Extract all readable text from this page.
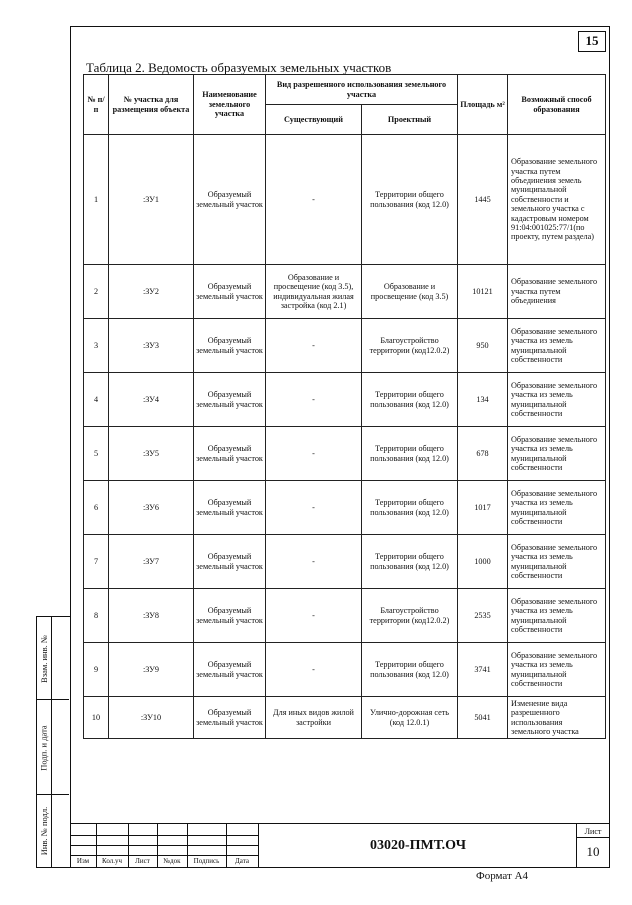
15
Таблица 2. Ведомость образуемых земельных участков
№ п/п	№ участка для размещения объекта	Наименование земельного участка	Вид разрешенного использования земельного участка		Площадь м²	Возможный способ образования
			Существующий	Проектный		
1	:ЗУ1	Образуемый земельный участок	-	Территории общего пользования (код 12.0)	1445	Образование земельного участка путем объединения земель муниципальной собственности и земельного участка с кадастровым номером 91:04:001025:77/1(по проекту, путем раздела)
2	:ЗУ2	Образуемый земельный участок	Образование и просвещение (код 3.5), индивидуальная жилая застройка (код 2.1)	Образование и просвещение (код 3.5)	10121	Образование земельного участка путем объединения
3	:ЗУ3	Образуемый земельный участок	-	Благоустройство территории (код12.0.2)	950	Образование земельного участка из земель муниципальной собственности
4	:ЗУ4	Образуемый земельный участок	-	Территории общего пользования (код 12.0)	134	Образование земельного участка из земель муниципальной собственности
5	:ЗУ5	Образуемый земельный участок	-	Территории общего пользования (код 12.0)	678	Образование земельного участка из земель муниципальной собственности
6	:ЗУ6	Образуемый земельный участок	-	Территории общего пользования (код 12.0)	1017	Образование земельного участка из земель муниципальной собственности
7	:ЗУ7	Образуемый земельный участок	-	Территории общего пользования (код 12.0)	1000	Образование земельного участка из земель муниципальной собственности
8	:ЗУ8	Образуемый земельный участок	-	Благоустройство территории (код12.0.2)	2535	Образование земельного участка из земель муниципальной собственности
9	:ЗУ9	Образуемый земельный участок	-	Территории общего пользования (код 12.0)	3741	Образование земельного участка из земель муниципальной собственности
10	:ЗУ10	Образуемый земельный участок	Для иных видов жилой застройки	Улично-дорожная сеть (код 12.0.1)	5041	Изменение вида разрешенного использования земельного участка
Взам. инв. №
Подп. и дата
Инв. № подл.
Изм	Кол.уч	Лист	№док	Подпись	Дата
03020-ПМТ.ОЧ
Лист
10
Формат А4
